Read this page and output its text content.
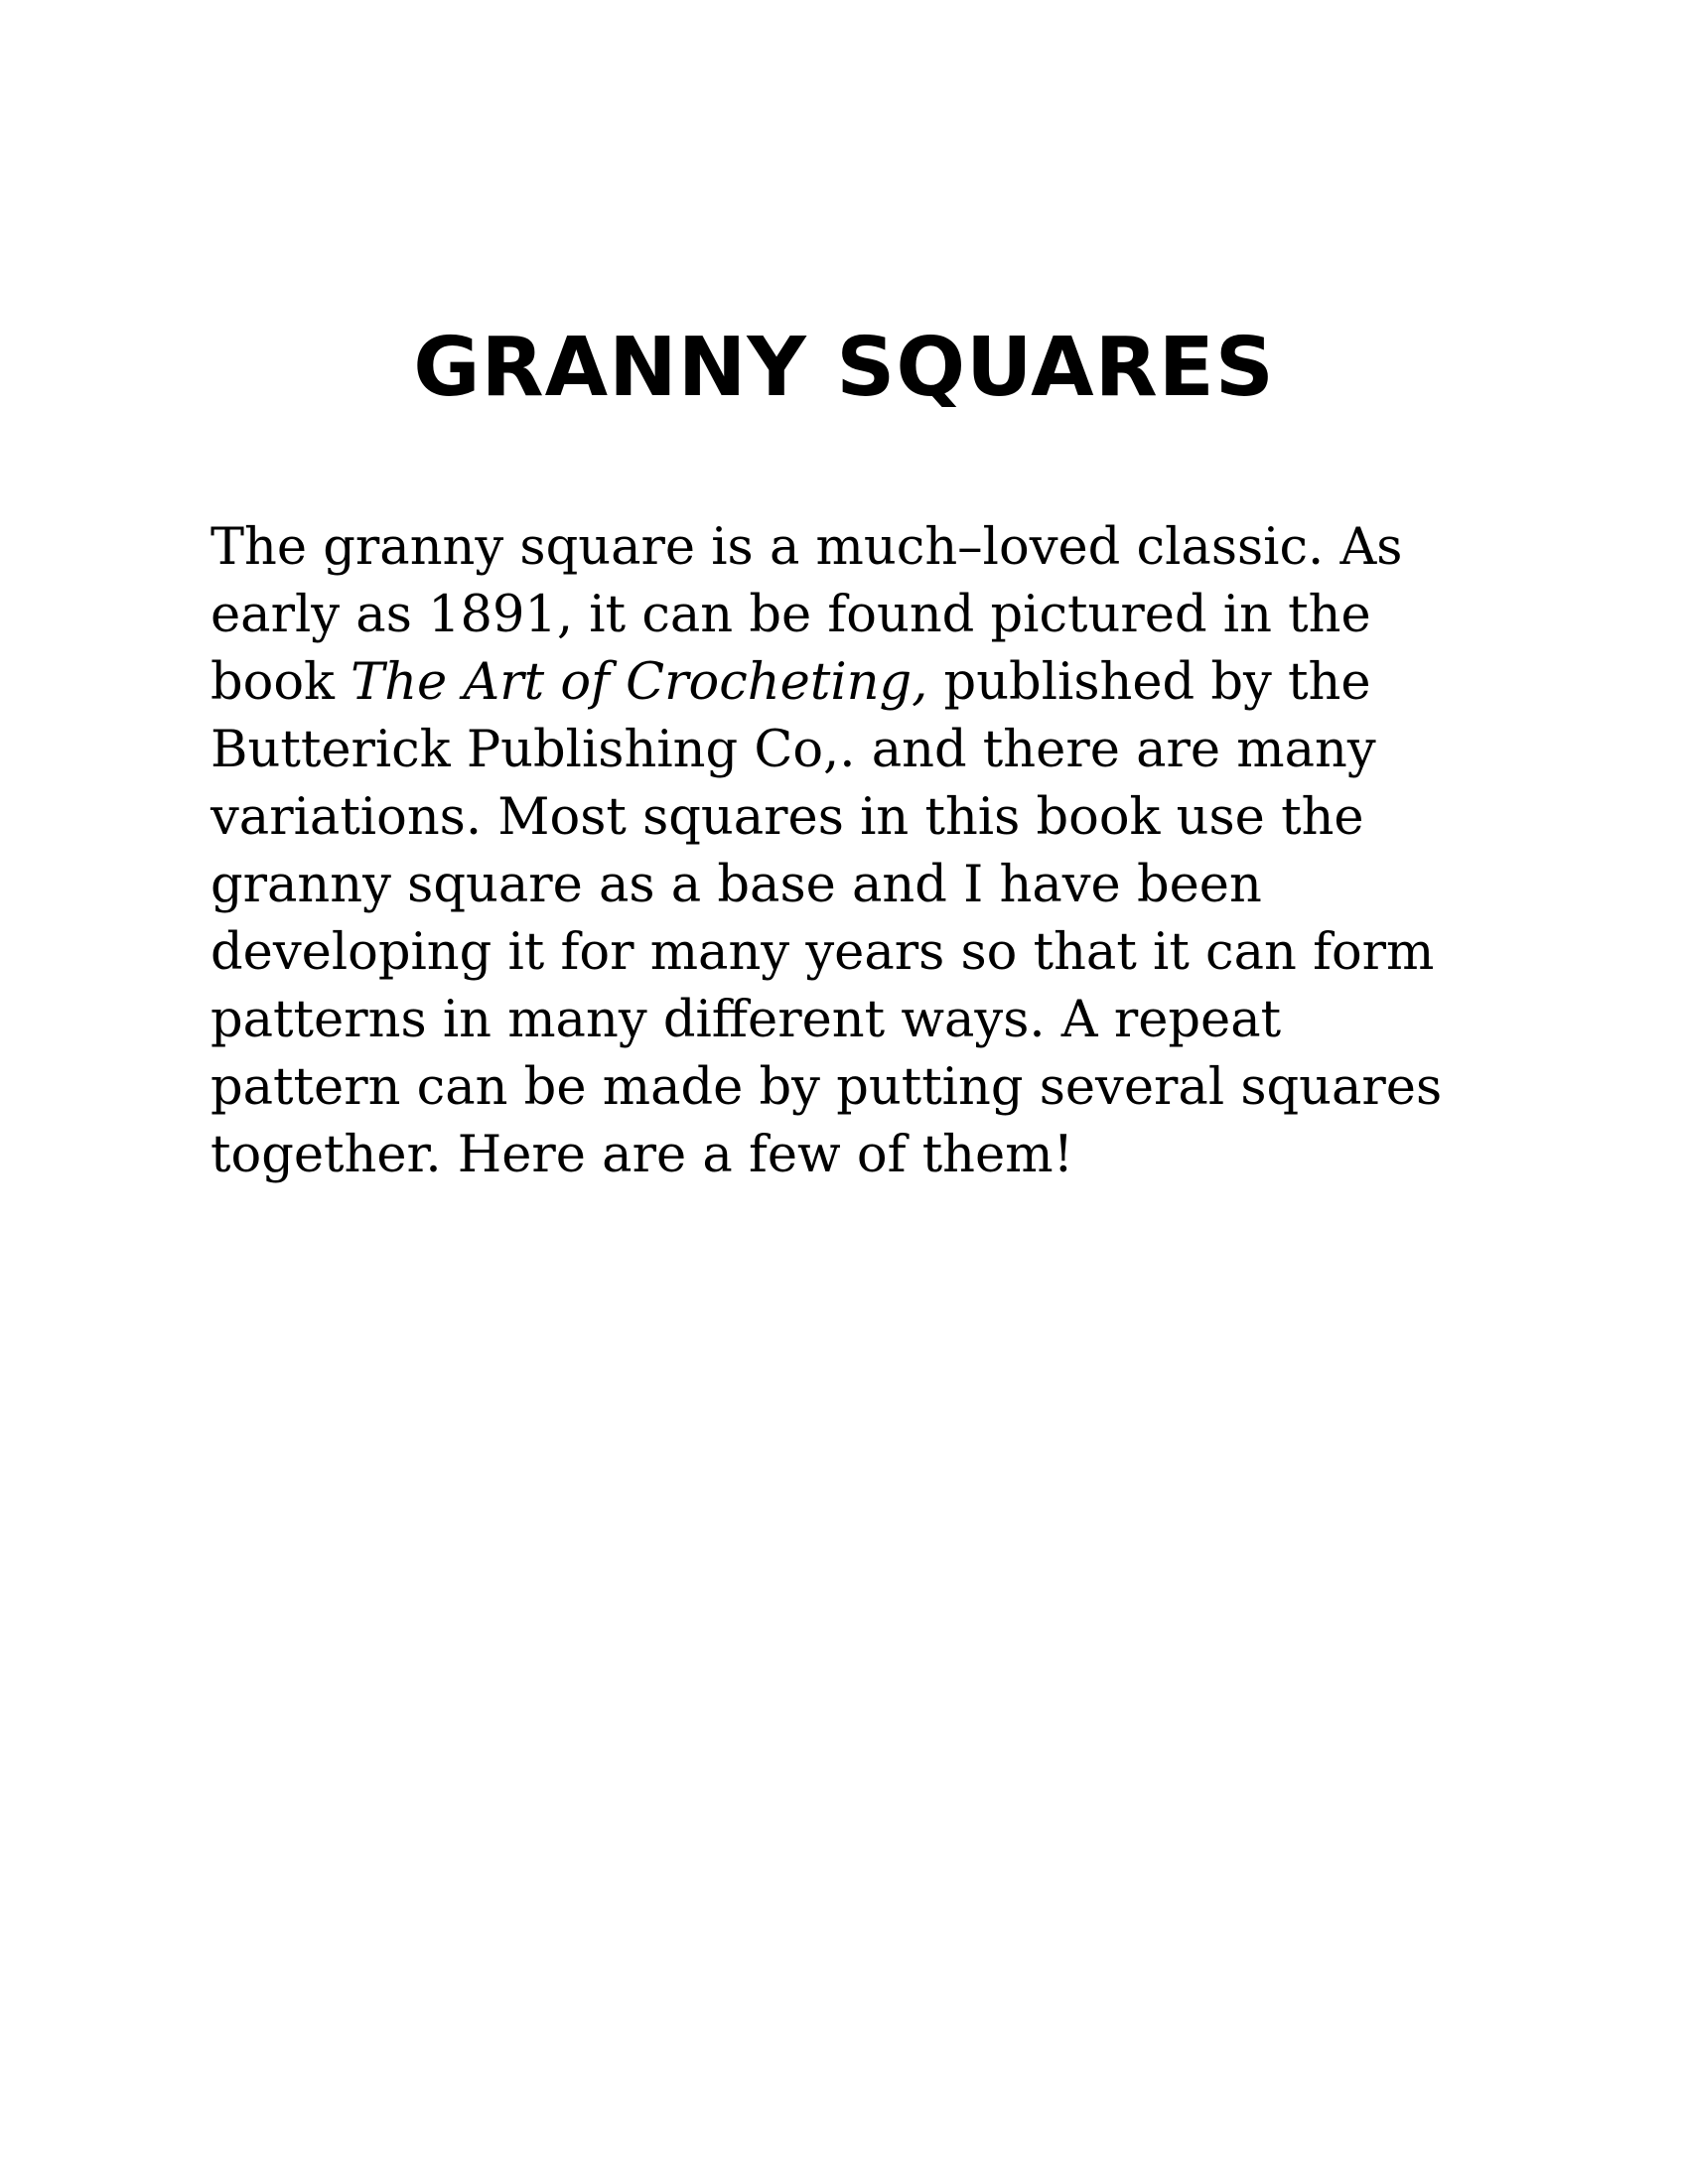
GRANNY SQUARES
The granny square is a much–loved classic. As
early as 1891, it can be found pictured in the
book The Art of Crocheting, published by the
Butterick Publishing Co,. and there are many
variations. Most squares in this book use the
granny square as a base and I have been
developing it for many years so that it can form
patterns in many different ways. A repeat
pattern can be made by putting several squares
together. Here are a few of them!
